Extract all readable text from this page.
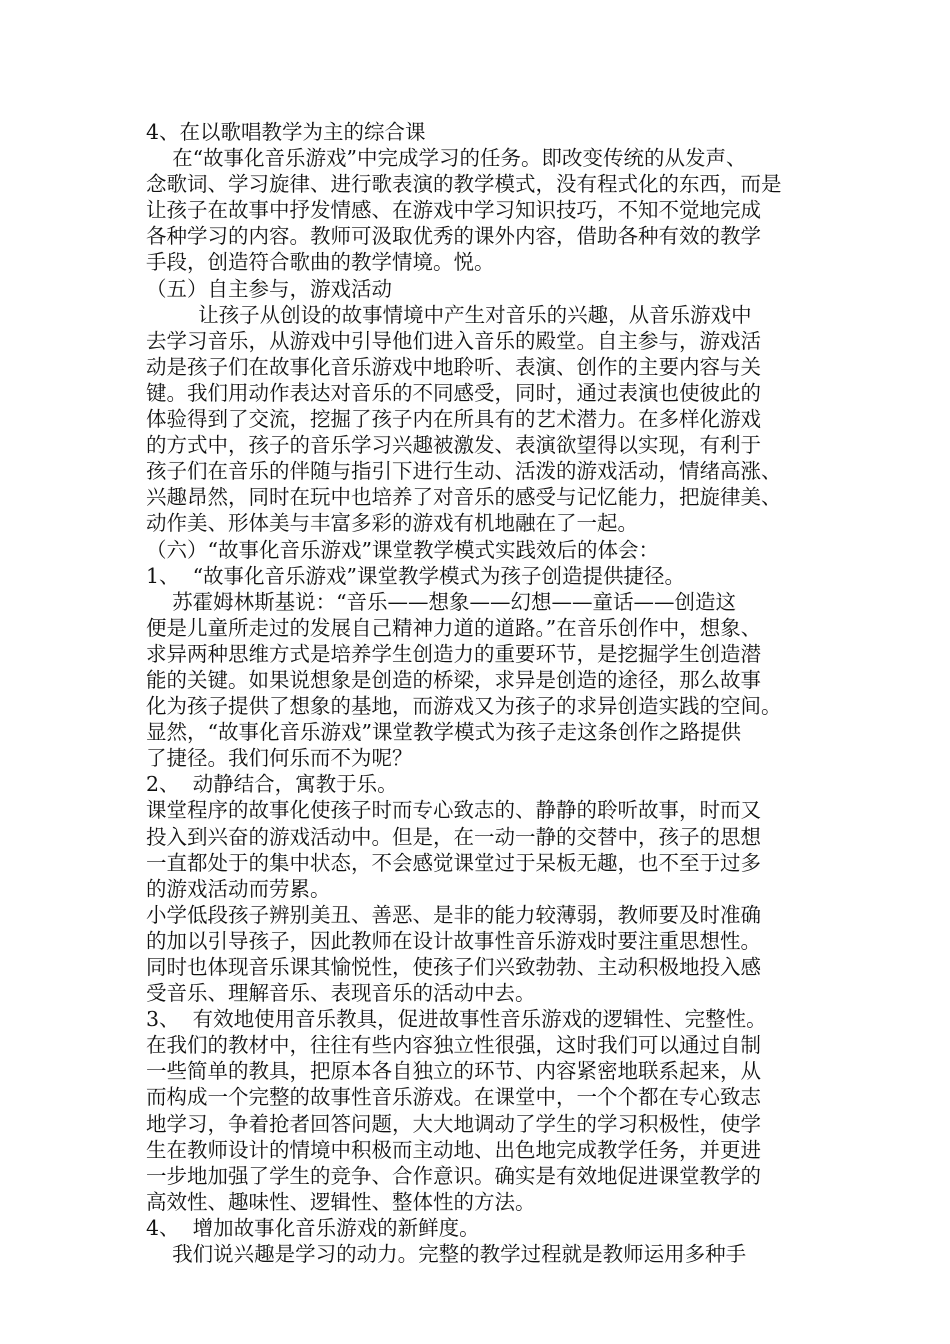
4、在以歌唱教学为主的综合课
在“故事化音乐游戏”中完成学习的任务。即改变传统的从发声、
念歌词、学习旋律、进行歌表演的教学模式，没有程式化的东西，而是
让孩子在故事中抒发情感、在游戏中学习知识技巧，不知不觉地完成
各种学习的内容。教师可汲取优秀的课外内容，借助各种有效的教学
手段，创造符合歌曲的教学情境。悦。
（五）自主参与，游戏活动
让孩子从创设的故事情境中产生对音乐的兴趣，从音乐游戏中
去学习音乐，从游戏中引导他们进入音乐的殿堂。自主参与，游戏活
动是孩子们在故事化音乐游戏中地聆听、表演、创作的主要内容与关
键。我们用动作表达对音乐的不同感受，同时，通过表演也使彼此的
体验得到了交流，挖掘了孩子内在所具有的艺术潜力。在多样化游戏
的方式中，孩子的音乐学习兴趣被激发、表演欲望得以实现，有利于
孩子们在音乐的伴随与指引下进行生动、活泼的游戏活动，情绪高涨、
兴趣昂然，同时在玩中也培养了对音乐的感受与记忆能力，把旋律美、
动作美、形体美与丰富多彩的游戏有机地融在了一起。
（六）“故事化音乐游戏”课堂教学模式实践效后的体会：
1、  “故事化音乐游戏”课堂教学模式为孩子创造提供捷径。
苏霍姆林斯基说：“音乐——想象——幻想——童话——创造这
便是儿童所走过的发展自己精神力道的道路。”在音乐创作中，想象、
求异两种思维方式是培养学生创造力的重要环节，是挖掘学生创造潜
能的关键。如果说想象是创造的桥梁，求异是创造的途径，那么故事
化为孩子提供了想象的基地，而游戏又为孩子的求异创造实践的空间。
显然，“故事化音乐游戏”课堂教学模式为孩子走这条创作之路提供
了捷径。我们何乐而不为呢？
2、  动静结合，寓教于乐。
课堂程序的故事化使孩子时而专心致志的、静静的聆听故事，时而又
投入到兴奋的游戏活动中。但是，在一动一静的交替中，孩子的思想
一直都处于的集中状态，不会感觉课堂过于呆板无趣，也不至于过多
的游戏活动而劳累。
小学低段孩子辨别美丑、善恶、是非的能力较薄弱，教师要及时准确
的加以引导孩子，因此教师在设计故事性音乐游戏时要注重思想性。
同时也体现音乐课其愉悦性，使孩子们兴致勃勃、主动积极地投入感
受音乐、理解音乐、表现音乐的活动中去。
3、  有效地使用音乐教具，促进故事性音乐游戏的逻辑性、完整性。
在我们的教材中，往往有些内容独立性很强，这时我们可以通过自制
一些简单的教具，把原本各自独立的环节、内容紧密地联系起来，从
而构成一个完整的故事性音乐游戏。在课堂中，一个个都在专心致志
地学习，争着抢者回答问题，大大地调动了学生的学习积极性，使学
生在教师设计的情境中积极而主动地、出色地完成教学任务，并更进
一步地加强了学生的竞争、合作意识。确实是有效地促进课堂教学的
高效性、趣味性、逻辑性、整体性的方法。
4、  增加故事化音乐游戏的新鲜度。
我们说兴趣是学习的动力。完整的教学过程就是教师运用多种手
